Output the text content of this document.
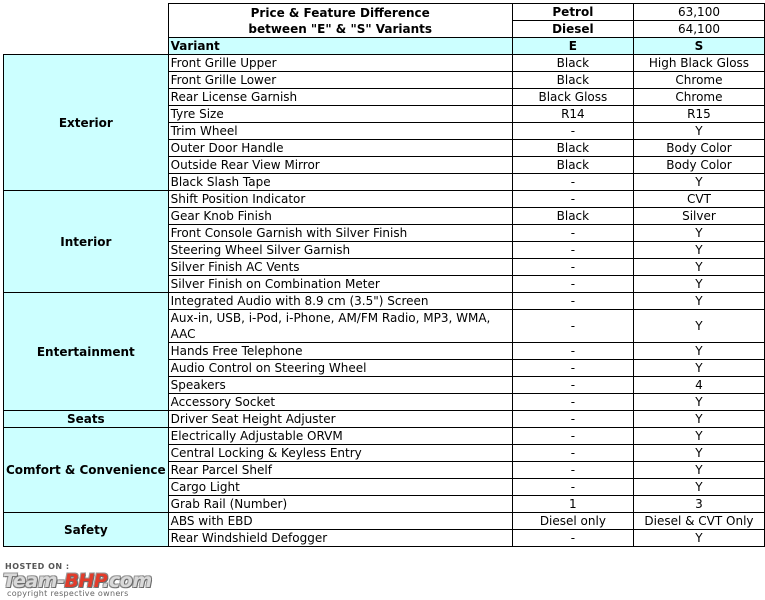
	Price & Feature Difference
between "E" & "S" Variants	Petrol	63,100
		Diesel	64,100
	Variant	E	S
Exterior	Front Grille Upper	Black	High Black Gloss
	Front Grille Lower	Black	Chrome
	Rear License Garnish	Black Gloss	Chrome
	Tyre Size	R14	R15
	Trim Wheel	-	Y
	Outer Door Handle	Black	Body Color
	Outside Rear View Mirror	Black	Body Color
	Black Slash Tape	-	Y
Interior	Shift Position Indicator	-	CVT
	Gear Knob Finish	Black	Silver
	Front Console Garnish with Silver Finish	-	Y
	Steering Wheel Silver Garnish	-	Y
	Silver Finish AC Vents	-	Y
	Silver Finish on Combination Meter	-	Y
Entertainment	Integrated Audio with 8.9 cm (3.5") Screen	-	Y
	Aux-in, USB, i-Pod, i-Phone, AM/FM Radio, MP3, WMA, AAC	-	Y
	Hands Free Telephone	-	Y
	Audio Control on Steering Wheel	-	Y
	Speakers	-	4
	Accessory Socket	-	Y
Seats	Driver Seat Height Adjuster	-	Y
Comfort & Convenience	Electrically Adjustable ORVM	-	Y
	Central Locking & Keyless Entry	-	Y
	Rear Parcel Shelf	-	Y
	Cargo Light	-	Y
	Grab Rail (Number)	1	3
Safety	ABS with EBD	Diesel only	Diesel & CVT Only
	Rear Windshield Defogger	-	Y
HOSTED ON :
Team-BHP.com
copyright respective owners
